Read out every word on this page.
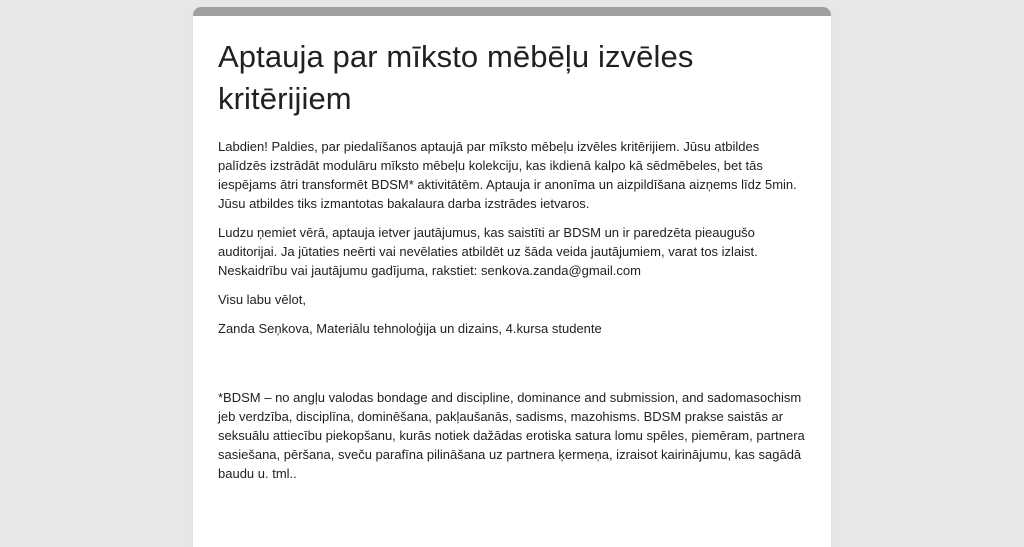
Aptauja par mīksto mēbēļu izvēles kritērijiem

Labdien! Paldies, par piedalīšanos aptaujā par mīksto mēbeļu izvēles kritērijiem. Jūsu atbildes palīdzēs izstrādāt modulāru mīksto mēbeļu kolekciju, kas ikdienā kalpo kā sēdmēbeles, bet tās iespējams ātri transformēt BDSM* aktivitātēm. Aptauja ir anonīma un aizpildīšana aizņems līdz 5min. Jūsu atbildes tiks izmantotas bakalaura darba izstrādes ietvaros.

Ludzu ņemiet vērā, aptauja ietver jautājumus, kas saistīti ar BDSM un ir paredzēta pieaugušo auditorijai. Ja jūtaties neērti vai nevēlaties atbildēt uz šāda veida jautājumiem, varat tos izlaist. Neskaidrību vai jautājumu gadījuma, rakstiet: senkova.zanda@gmail.com

Visu labu vēlot,

Zanda Seņkova, Materiālu tehnoloģija un dizains, 4.kursa studente

*BDSM – no angļu valodas bondage and discipline, dominance and submission, and sadomasochism jeb verdzība, disciplīna, dominēšana, pakļaušanās, sadisms, mazohisms. BDSM prakse saistās ar seksuālu attiecību piekopšanu, kurās notiek dažādas erotiska satura lomu spēles, piemēram, partnera sasiešana, pēršana, sveču parafīna pilināšana uz partnera ķermeņa, izraisot kairinājumu, kas sagādā baudu u. tml..
